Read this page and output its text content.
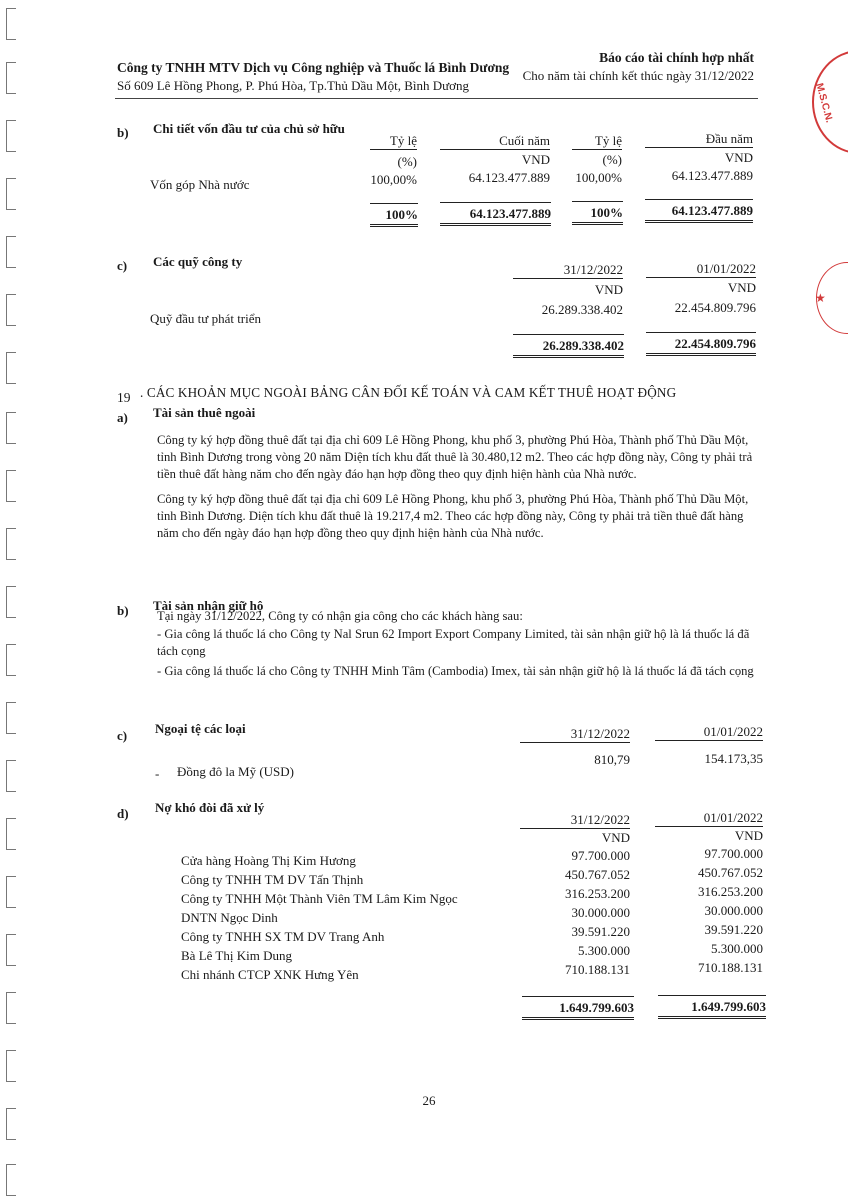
M.S.C.N.
★
Công ty TNHH MTV Dịch vụ Công nghiệp và Thuốc lá Bình Dương
Số 609 Lê Hồng Phong, P. Phú Hòa, Tp.Thủ Dầu Một, Bình Dương
Báo cáo tài chính hợp nhất
Cho năm tài chính kết thúc ngày 31/12/2022
b) Chi tiết vốn đầu tư của chủ sở hữu
Tỷ lệ	Cuối năm	Tỷ lệ	Đầu năm
(%)	VND	(%)	VND
Vốn góp Nhà nước	100,00%	64.123.477.889	100,00%	64.123.477.889
100%	64.123.477.889	100%	64.123.477.889
c) Các quỹ công ty
31/12/2022	01/01/2022
VND	VND
Quỹ đầu tư phát triển
26.289.338.402	22.454.809.796
26.289.338.402	22.454.809.796
19 . CÁC KHOẢN MỤC NGOÀI BẢNG CÂN ĐỐI KẾ TOÁN VÀ CAM KẾT THUÊ HOẠT ĐỘNG
a) Tài sản thuê ngoài
Công ty ký hợp đồng thuê đất tại địa chỉ 609 Lê Hồng Phong, khu phố 3, phường Phú Hòa, Thành phố Thủ Dầu Một, tỉnh Bình Dương trong vòng 20 năm Diện tích khu đất thuê là 30.480,12 m2. Theo các hợp đồng này, Công ty phải trả tiền thuê đất hàng năm cho đến ngày đáo hạn hợp đồng theo quy định hiện hành của Nhà nước.
Công ty ký hợp đồng thuê đất tại địa chỉ 609 Lê Hồng Phong, khu phố 3, phường Phú Hòa, Thành phố Thủ Dầu Một, tỉnh Bình Dương. Diện tích khu đất thuê là 19.217,4 m2. Theo các hợp đồng này, Công ty phải trả tiền thuê đất hàng năm cho đến ngày đáo hạn hợp đồng theo quy định hiện hành của Nhà nước.
b) Tài sản nhận giữ hộ
Tại ngày 31/12/2022, Công ty có nhận gia công cho các khách hàng sau:
- Gia công lá thuốc lá cho Công ty Nal Srun 62 Import Export Company Limited, tài sản nhận giữ hộ là lá thuốc lá đã tách cọng
- Gia công lá thuốc lá cho Công ty TNHH Minh Tâm (Cambodia) Imex, tài sản nhận giữ hộ là lá thuốc lá đã tách cọng
c) Ngoại tệ các loại	31/12/2022	01/01/2022
- Đồng đô la Mỹ (USD)
810,79	154.173,35
d) Nợ khó đòi đã xử lý
31/12/2022	01/01/2022
VND	VND
Cửa hàng Hoàng Thị Kim Hương	97.700.000	97.700.000
Công ty TNHH TM DV Tấn Thịnh	450.767.052	450.767.052
Công ty TNHH Một Thành Viên TM Lâm Kim Ngọc	316.253.200	316.253.200
DNTN Ngọc Dinh	30.000.000	30.000.000
Công ty TNHH SX TM DV Trang Anh	39.591.220	39.591.220
Bà Lê Thị Kim Dung	5.300.000	5.300.000
Chi nhánh CTCP XNK Hưng Yên	710.188.131	710.188.131
1.649.799.603	1.649.799.603
26
